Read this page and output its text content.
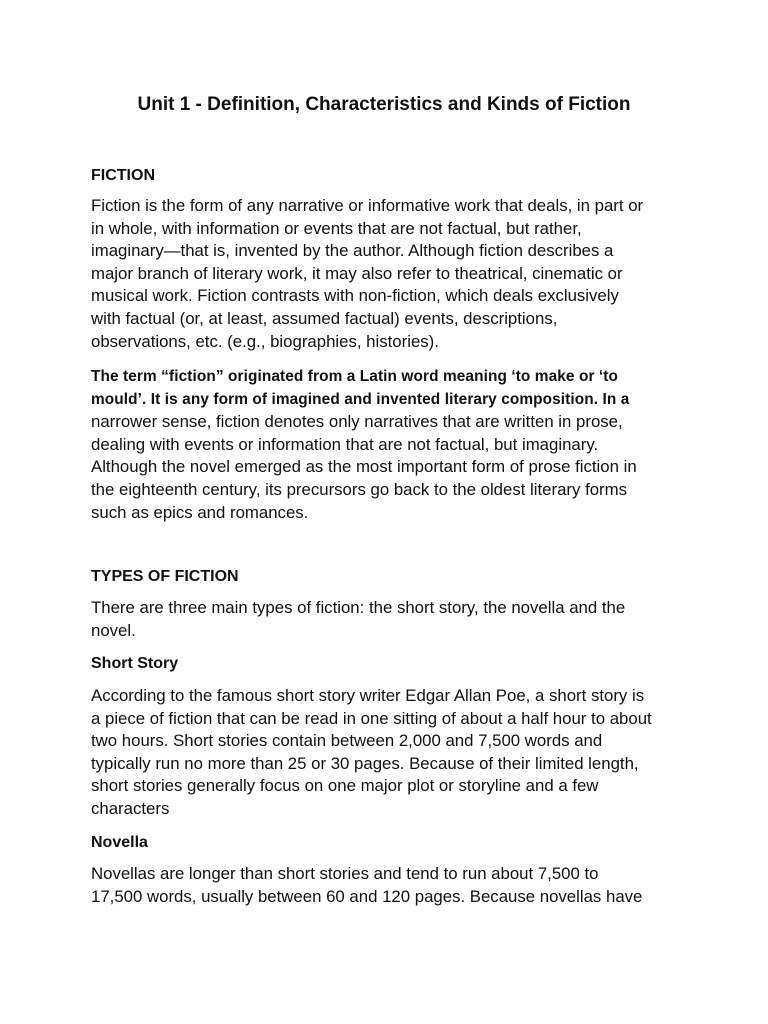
Unit 1 - Definition, Characteristics and Kinds of Fiction
FICTION

Fiction is the form of any narrative or informative work that deals, in part or
in whole, with information or events that are not factual, but rather,
imaginary—that is, invented by the author. Although fiction describes a
major branch of literary work, it may also refer to theatrical, cinematic or
musical work. Fiction contrasts with non-fiction, which deals exclusively
with factual (or, at least, assumed factual) events, descriptions,
observations, etc. (e.g., biographies, histories).

The term “fiction” originated from a Latin word meaning ‘to make or ‘to
mould’. It is any form of imagined and invented literary composition. In a
narrower sense, fiction denotes only narratives that are written in prose,
dealing with events or information that are not factual, but imaginary.
Although the novel emerged as the most important form of prose fiction in
the eighteenth century, its precursors go back to the oldest literary forms
such as epics and romances.

TYPES OF FICTION

There are three main types of fiction: the short story, the novella and the
novel.

Short Story

According to the famous short story writer Edgar Allan Poe, a short story is
a piece of fiction that can be read in one sitting of about a half hour to about
two hours. Short stories contain between 2,000 and 7,500 words and
typically run no more than 25 or 30 pages. Because of their limited length,
short stories generally focus on one major plot or storyline and a few
characters

Novella

Novellas are longer than short stories and tend to run about 7,500 to
17,500 words, usually between 60 and 120 pages. Because novellas have
